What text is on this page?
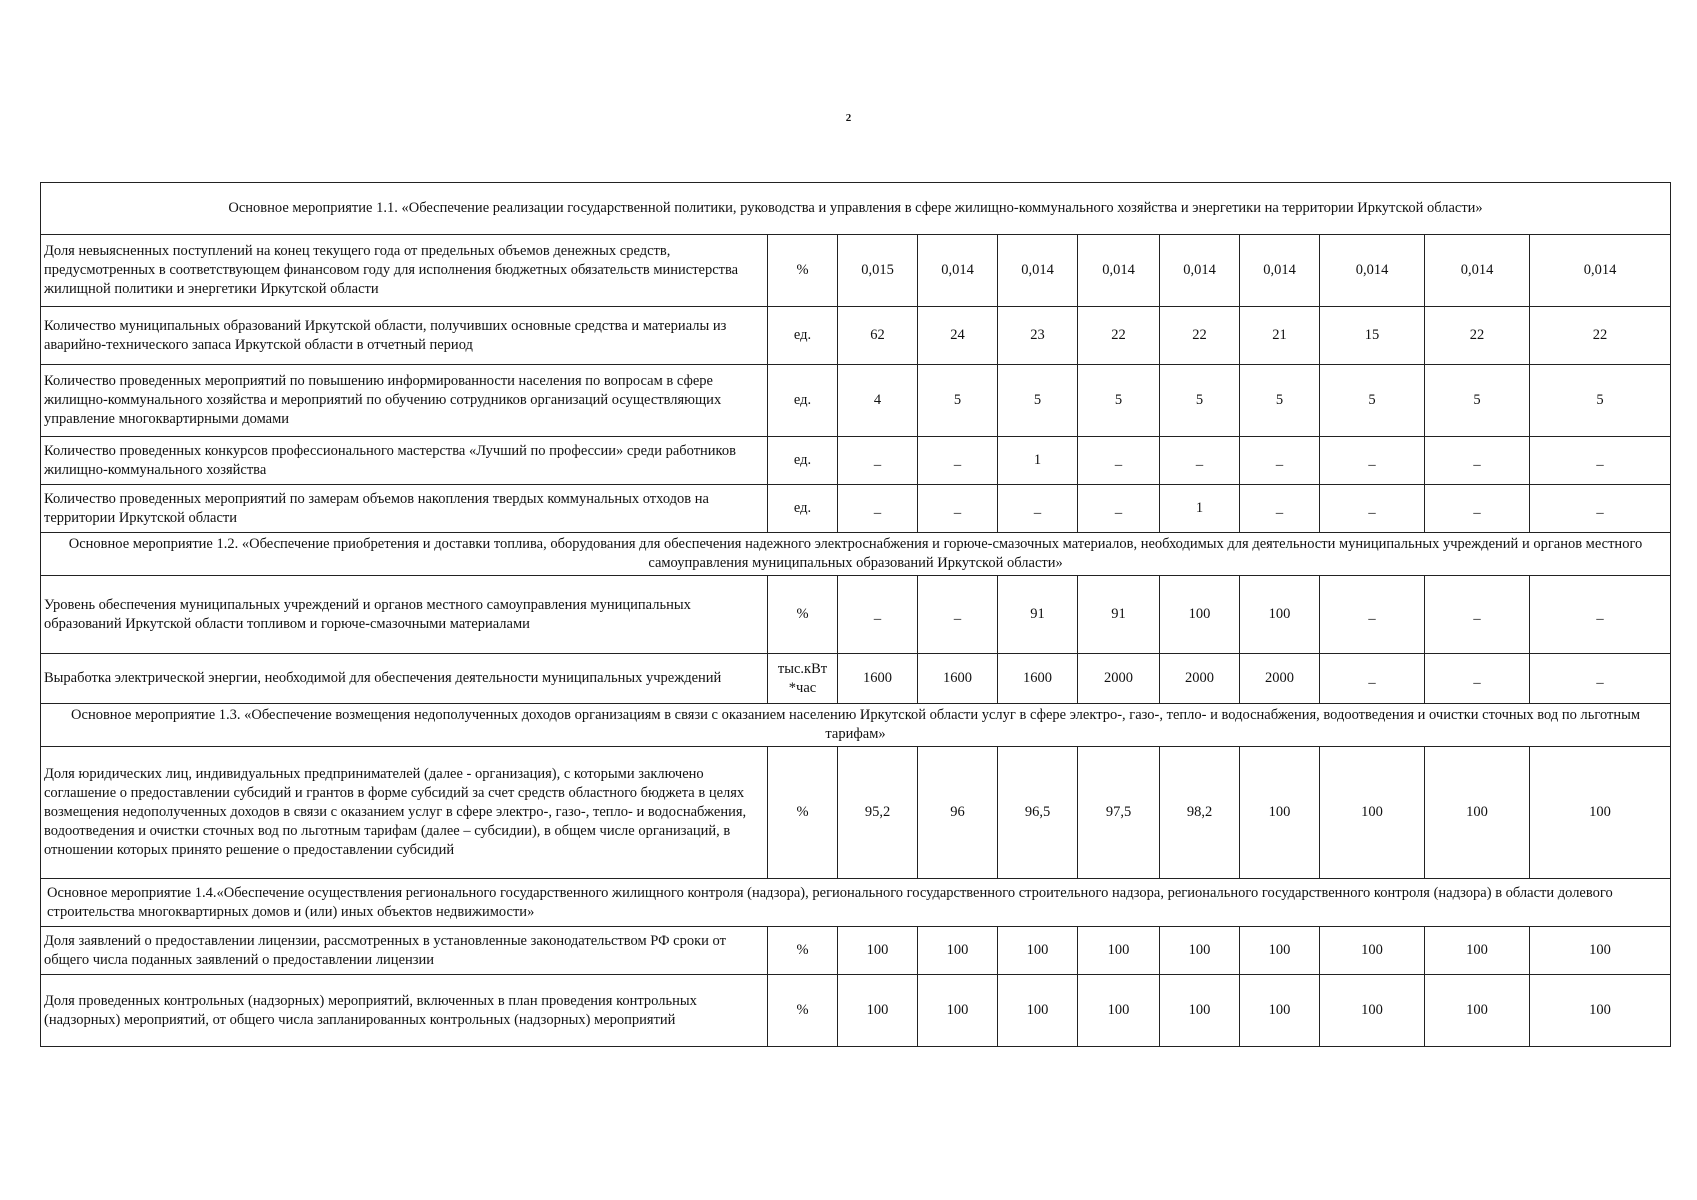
2
Основное мероприятие 1.1. «Обеспечение реализации государственной политики, руководства и управления в сфере жилищно-коммунального хозяйства и энергетики на территории Иркутской области»										
Доля невыясненных поступлений на конец текущего года от предельных объемов денежных средств, предусмотренных в соответствующем финансовом году для исполнения бюджетных обязательств министерства жилищной политики и энергетики Иркутской области	%	0,015	0,014	0,014	0,014	0,014	0,014	0,014	0,014	0,014
Количество муниципальных образований Иркутской области, получивших основные средства и материалы из аварийно-технического запаса Иркутской области в отчетный период	ед.	62	24	23	22	22	21	15	22	22
Количество проведенных мероприятий по повышению информированности населения по вопросам в сфере жилищно-коммунального хозяйства и мероприятий по обучению сотрудников организаций осуществляющих управление многоквартирными домами	ед.	4	5	5	5	5	5	5	5	5
Количество проведенных конкурсов профессионального мастерства «Лучший по профессии» среди работников жилищно-коммунального хозяйства	ед.	_	_	1	_	_	_	_	_	_
Количество проведенных мероприятий по замерам объемов накопления твердых коммунальных отходов на территории Иркутской области	ед.	_	_	_	_	1	_	_	_	_
Основное мероприятие 1.2. «Обеспечение приобретения и доставки топлива, оборудования для обеспечения надежного электроснабжения и горюче-смазочных материалов, необходимых для деятельности муниципальных учреждений и органов местного самоуправления муниципальных образований Иркутской области»										
Уровень обеспечения муниципальных учреждений и органов местного самоуправления муниципальных образований Иркутской области топливом и горюче-смазочными материалами	%	_	_	91	91	100	100	_	_	_
Выработка электрической энергии, необходимой для обеспечения деятельности муниципальных учреждений	тыс.кВт *час	1600	1600	1600	2000	2000	2000	_	_	_
Основное мероприятие 1.3. «Обеспечение возмещения недополученных доходов организациям в связи с оказанием населению Иркутской области услуг в сфере электро-, газо-, тепло- и водоснабжения, водоотведения и очистки сточных вод по льготным тарифам»										
Доля юридических лиц, индивидуальных предпринимателей (далее - организация), с которыми заключено соглашение о предоставлении субсидий и грантов в форме субсидий за счет средств областного бюджета в целях возмещения недополученных доходов в связи с оказанием услуг в сфере электро-, газо-, тепло- и водоснабжения, водоотведения и очистки сточных вод по льготным тарифам (далее – субсидии), в общем числе организаций, в отношении которых принято решение о предоставлении субсидий	%	95,2	96	96,5	97,5	98,2	100	100	100	100
Основное мероприятие 1.4.«Обеспечение осуществления регионального государственного жилищного контроля (надзора), регионального государственного строительного надзора, регионального государственного контроля (надзора) в области долевого строительства многоквартирных домов и (или) иных объектов недвижимости»										
Доля заявлений о предоставлении лицензии, рассмотренных в установленные законодательством РФ сроки от общего числа поданных заявлений о предоставлении лицензии	%	100	100	100	100	100	100	100	100	100
Доля проведенных контрольных (надзорных) мероприятий, включенных в план проведения контрольных (надзорных) мероприятий, от общего числа запланированных контрольных (надзорных) мероприятий	%	100	100	100	100	100	100	100	100	100
